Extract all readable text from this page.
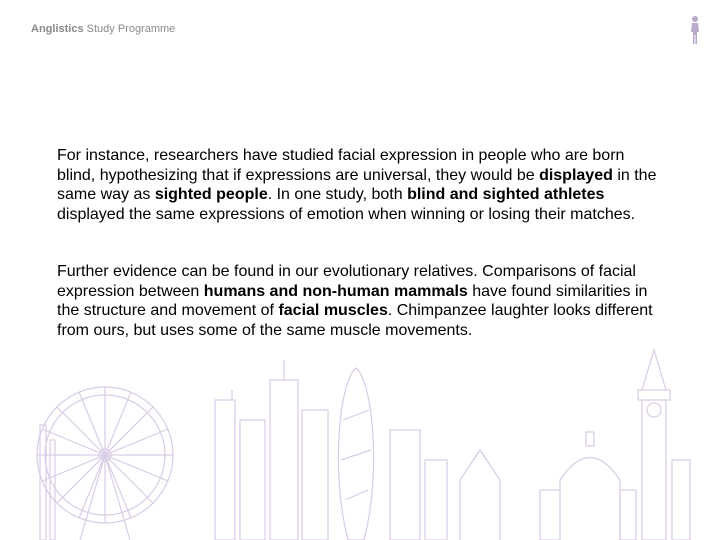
Anglistics Study Programme

For instance, researchers have studied facial expression in people who are born blind, hypothesizing that if expressions are universal, they would be displayed in the same way as sighted people. In one study, both blind and sighted athletes displayed the same expressions of emotion when winning or losing their matches.

Further evidence can be found in our evolutionary relatives. Comparisons of facial expression between humans and non-human mammals have found similarities in the structure and movement of facial muscles. Chimpanzee laughter looks different from ours, but uses some of the same muscle movements.
